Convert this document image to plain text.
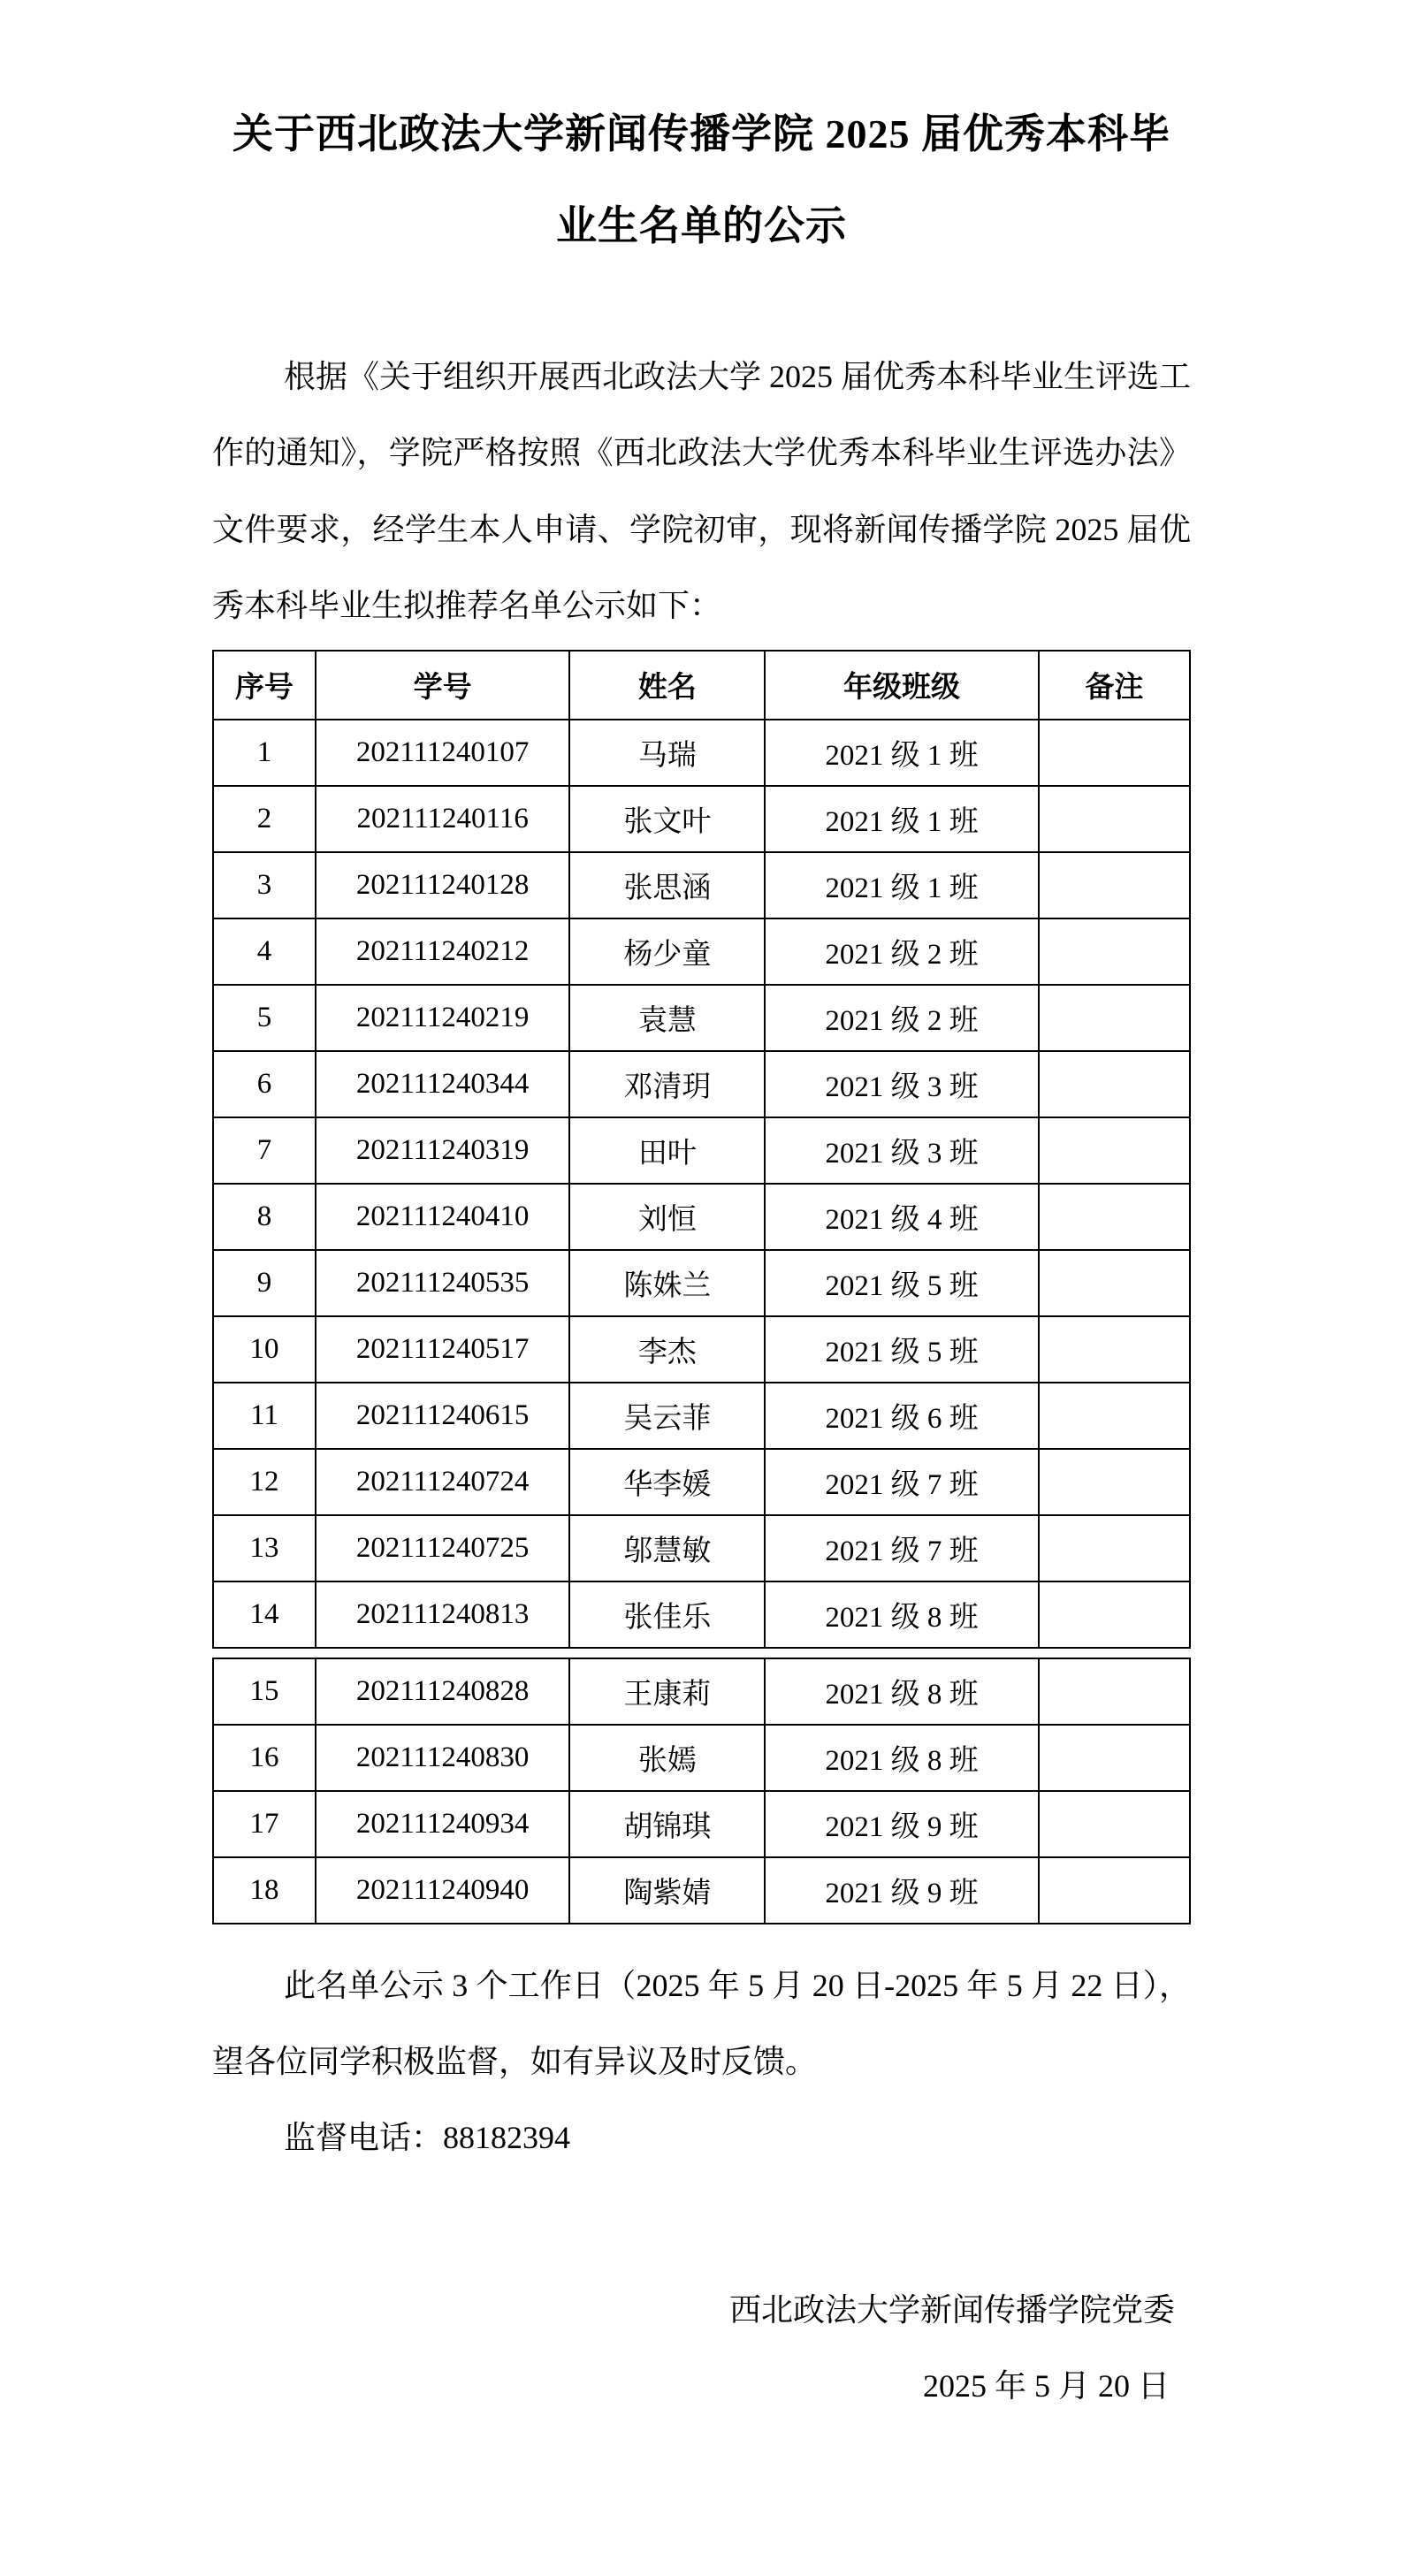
关于西北政法大学新闻传播学院 2025 届优秀本科毕业生名单的公示

根据《关于组织开展西北政法大学 2025 届优秀本科毕业生评选工作的通知》，学院严格按照《西北政法大学优秀本科毕业生评选办法》文件要求，经学生本人申请、学院初审，现将新闻传播学院 2025 届优秀本科毕业生拟推荐名单公示如下：

序号	学号	姓名	年级班级	备注
1	202111240107	马瑞	2021 级 1 班	
2	202111240116	张文叶	2021 级 1 班	
3	202111240128	张思涵	2021 级 1 班	
4	202111240212	杨少童	2021 级 2 班	
5	202111240219	袁慧	2021 级 2 班	
6	202111240344	邓清玥	2021 级 3 班	
7	202111240319	田叶	2021 级 3 班	
8	202111240410	刘恒	2021 级 4 班	
9	202111240535	陈姝兰	2021 级 5 班	
10	202111240517	李杰	2021 级 5 班	
11	202111240615	吴云菲	2021 级 6 班	
12	202111240724	华李媛	2021 级 7 班	
13	202111240725	邬慧敏	2021 级 7 班	
14	202111240813	张佳乐	2021 级 8 班	
15	202111240828	王康莉	2021 级 8 班	
16	202111240830	张嫣	2021 级 8 班	
17	202111240934	胡锦琪	2021 级 9 班	
18	202111240940	陶紫婧	2021 级 9 班	

此名单公示 3 个工作日（2025 年 5 月 20 日-2025 年 5 月 22 日），望各位同学积极监督，如有异议及时反馈。

监督电话：88182394

西北政法大学新闻传播学院党委

2025 年 5 月 20 日
